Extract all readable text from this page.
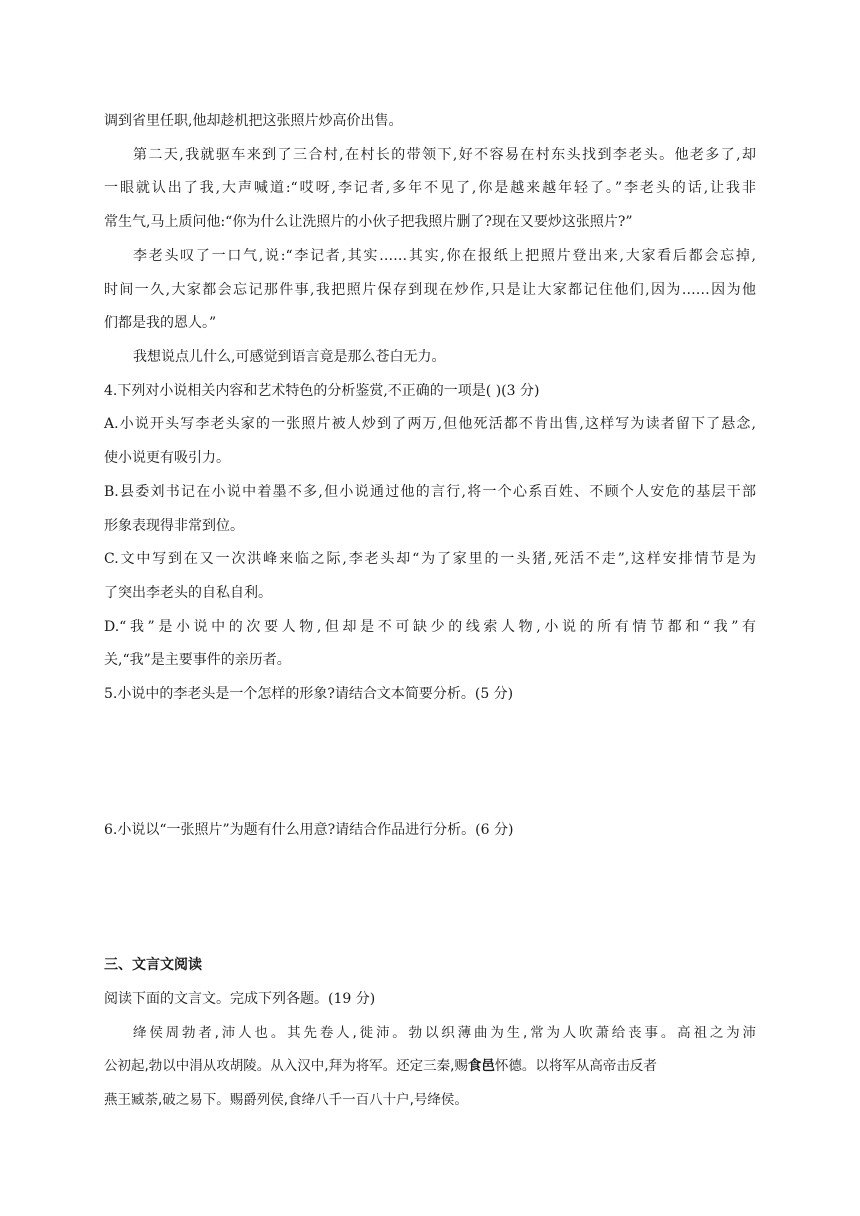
调到省里任职,他却趁机把这张照片炒高价出售。
第二天,我就驱车来到了三合村,在村长的带领下,好不容易在村东头找到李老头。他老多了,却
一眼就认出了我,大声喊道:“哎呀,李记者,多年不见了,你是越来越年轻了。”李老头的话,让我非
常生气,马上质问他:“你为什么让洗照片的小伙子把我照片删了?现在又要炒这张照片?”
李老头叹了一口气,说:“李记者,其实……其实,你在报纸上把照片登出来,大家看后都会忘掉,
时间一久,大家都会忘记那件事,我把照片保存到现在炒作,只是让大家都记住他们,因为……因为他
们都是我的恩人。”
我想说点儿什么,可感觉到语言竟是那么苍白无力。
4.下列对小说相关内容和艺术特色的分析鉴赏,不正确的一项是( )(3 分)
A.小说开头写李老头家的一张照片被人炒到了两万,但他死活都不肯出售,这样写为读者留下了悬念,
使小说更有吸引力。
B.县委刘书记在小说中着墨不多,但小说通过他的言行,将一个心系百姓、不顾个人安危的基层干部
形象表现得非常到位。
C.文中写到在又一次洪峰来临之际,李老头却“为了家里的一头猪,死活不走”,这样安排情节是为
了突出李老头的自私自利。
D.“我”是小说中的次要人物,但却是不可缺少的线索人物,小说的所有情节都和“我”有
关,“我”是主要事件的亲历者。
5.小说中的李老头是一个怎样的形象?请结合文本简要分析。(5 分)
6.小说以“一张照片”为题有什么用意?请结合作品进行分析。(6 分)
三、文言文阅读
阅读下面的文言文。完成下列各题。(19 分)
绛侯周勃者,沛人也。其先卷人,徙沛。勃以织薄曲为生,常为人吹萧给丧事。高祖之为沛
公初起,勃以中涓从攻胡陵。从入汉中,拜为将军。还定三秦,赐食邑怀德。以将军从高帝击反者
燕王臧荼,破之易下。赐爵列侯,食绛八千一百八十户,号绛侯。
